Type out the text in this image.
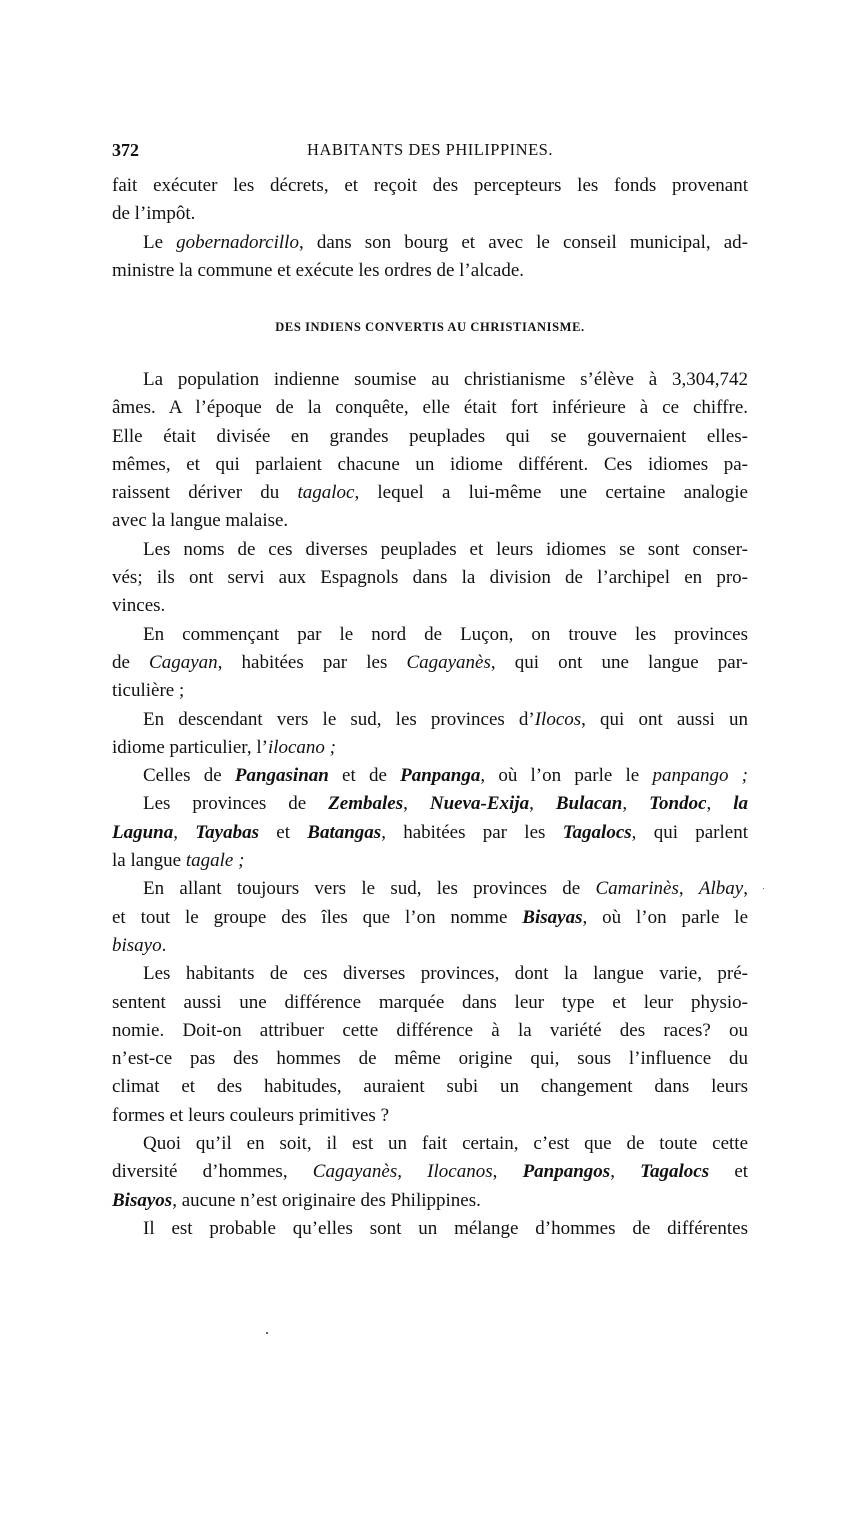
372	HABITANTS DES PHILIPPINES.
fait exécuter les décrets, et reçoit des percepteurs les fonds provenant
de l’impôt.
Le gobernadorcillo, dans son bourg et avec le conseil municipal, ad-
ministre la commune et exécute les ordres de l’alcade.
DES INDIENS CONVERTIS AU CHRISTIANISME.
La population indienne soumise au christianisme s’élève à 3,304,742
âmes. A l’époque de la conquête, elle était fort inférieure à ce chiffre.
Elle était divisée en grandes peuplades qui se gouvernaient elles-
mêmes, et qui parlaient chacune un idiome différent. Ces idiomes pa-
raissent dériver du tagaloc, lequel a lui-même une certaine analogie
avec la langue malaise.
Les noms de ces diverses peuplades et leurs idiomes se sont conser-
vés; ils ont servi aux Espagnols dans la division de l’archipel en pro-
vinces.
En commençant par le nord de Luçon, on trouve les provinces
de Cagayan, habitées par les Cagayanès, qui ont une langue par-
ticulière ;
En descendant vers le sud, les provinces d’Ilocos, qui ont aussi un
idiome particulier, l’ilocano ;
Celles de Pangasinan et de Panpanga, où l’on parle le panpango ;
Les provinces de Zembales, Nueva-Exija, Bulacan, Tondoc, la
Laguna, Tayabas et Batangas, habitées par les Tagalocs, qui parlent
la langue tagale ;
En allant toujours vers le sud, les provinces de Camarinès, Albay,
et tout le groupe des îles que l’on nomme Bisayas, où l’on parle le
bisayo.
Les habitants de ces diverses provinces, dont la langue varie, pré-
sentent aussi une différence marquée dans leur type et leur physio-
nomie. Doit-on attribuer cette différence à la variété des races? ou
n’est-ce pas des hommes de même origine qui, sous l’influence du
climat et des habitudes, auraient subi un changement dans leurs
formes et leurs couleurs primitives ?
Quoi qu’il en soit, il est un fait certain, c’est que de toute cette
diversité d’hommes, Cagayanès, Ilocanos, Panpangos, Tagalocs et
Bisayos, aucune n’est originaire des Philippines.
Il est probable qu’elles sont un mélange d’hommes de différentes
